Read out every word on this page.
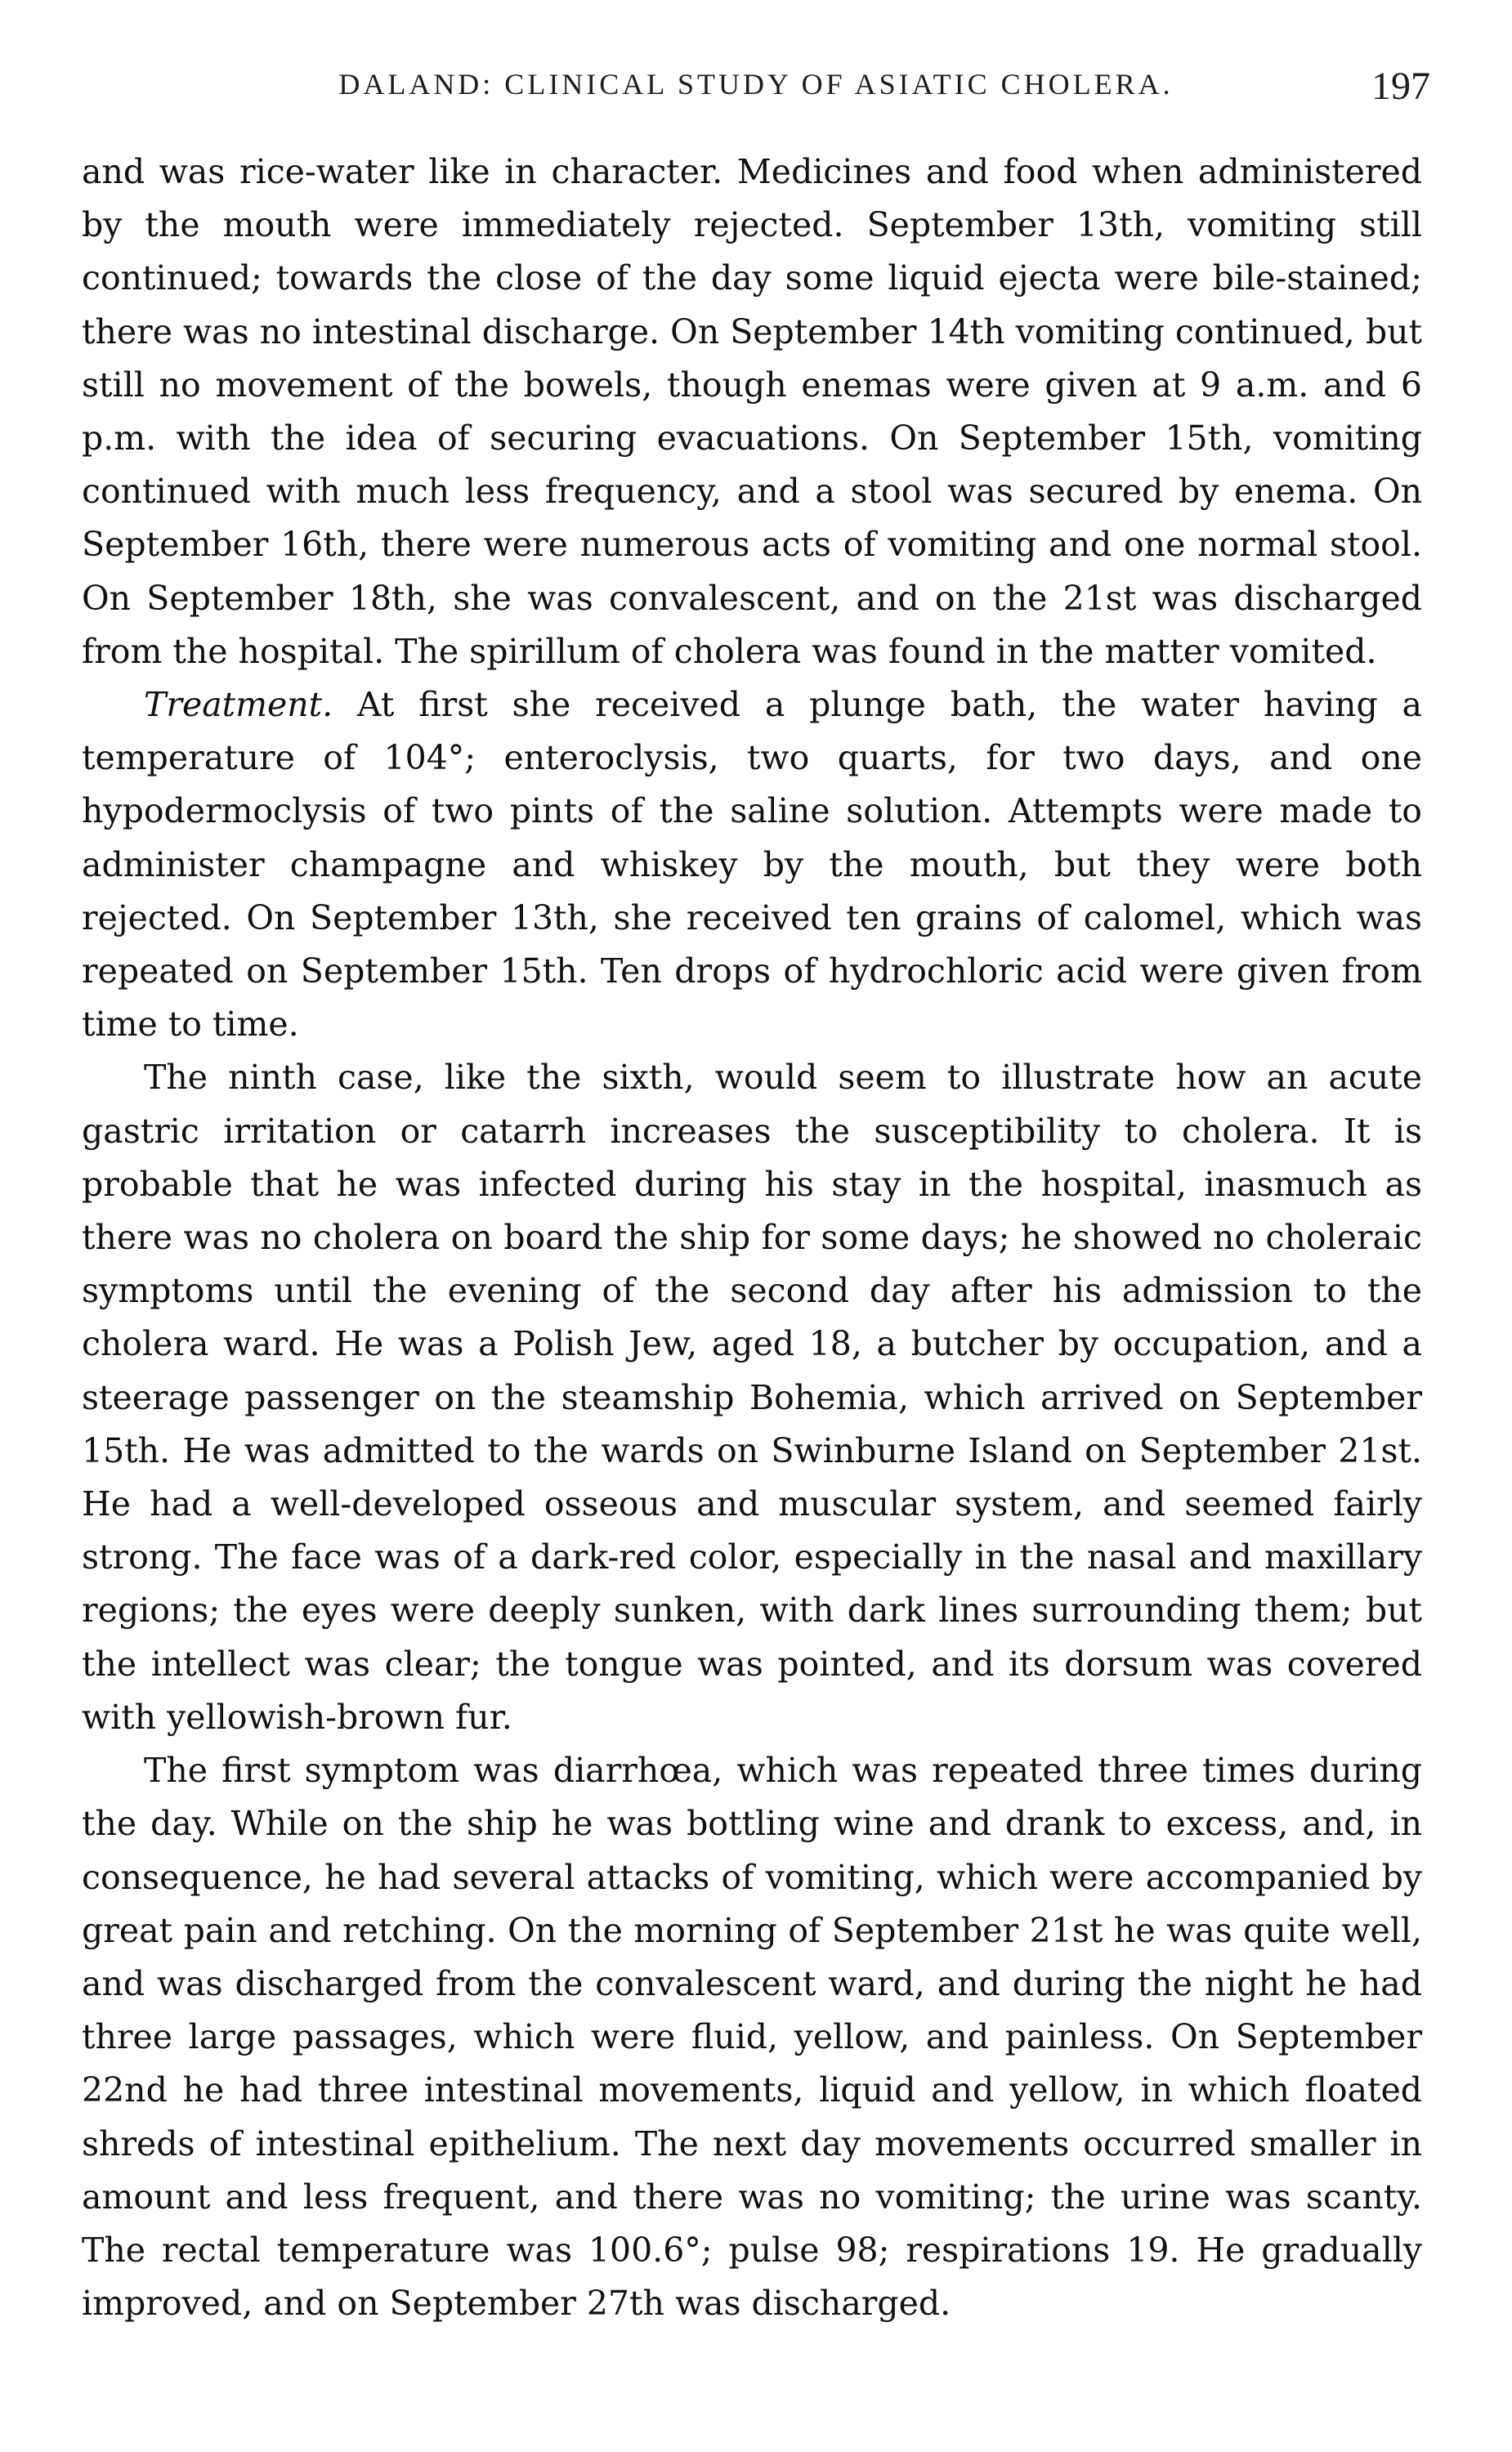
DALAND: CLINICAL STUDY OF ASIATIC CHOLERA.	197

and was rice-water like in character. Medicines and food when administered by the mouth were immediately rejected. September 13th, vomiting still continued; towards the close of the day some liquid ejecta were bile-stained; there was no intestinal discharge. On September 14th vomiting continued, but still no movement of the bowels, though enemas were given at 9 a.m. and 6 p.m. with the idea of securing evacuations. On September 15th, vomiting continued with much less frequency, and a stool was secured by enema. On September 16th, there were numerous acts of vomiting and one normal stool. On September 18th, she was convalescent, and on the 21st was discharged from the hospital. The spirillum of cholera was found in the matter vomited.

Treatment. At first she received a plunge bath, the water having a temperature of 104°; enteroclysis, two quarts, for two days, and one hypodermoclysis of two pints of the saline solution. Attempts were made to administer champagne and whiskey by the mouth, but they were both rejected. On September 13th, she received ten grains of calomel, which was repeated on September 15th. Ten drops of hydrochloric acid were given from time to time.

The ninth case, like the sixth, would seem to illustrate how an acute gastric irritation or catarrh increases the susceptibility to cholera. It is probable that he was infected during his stay in the hospital, inasmuch as there was no cholera on board the ship for some days; he showed no choleraic symptoms until the evening of the second day after his admission to the cholera ward. He was a Polish Jew, aged 18, a butcher by occupation, and a steerage passenger on the steamship Bohemia, which arrived on September 15th. He was admitted to the wards on Swinburne Island on September 21st. He had a well-developed osseous and muscular system, and seemed fairly strong. The face was of a dark-red color, especially in the nasal and maxillary regions; the eyes were deeply sunken, with dark lines surrounding them; but the intellect was clear; the tongue was pointed, and its dorsum was covered with yellowish-brown fur.

The first symptom was diarrhœa, which was repeated three times during the day. While on the ship he was bottling wine and drank to excess, and, in consequence, he had several attacks of vomiting, which were accompanied by great pain and retching. On the morning of September 21st he was quite well, and was discharged from the convalescent ward, and during the night he had three large passages, which were fluid, yellow, and painless. On September 22nd he had three intestinal movements, liquid and yellow, in which floated shreds of intestinal epithelium. The next day movements occurred smaller in amount and less frequent, and there was no vomiting; the urine was scanty. The rectal temperature was 100.6°; pulse 98; respirations 19. He gradually improved, and on September 27th was discharged.
